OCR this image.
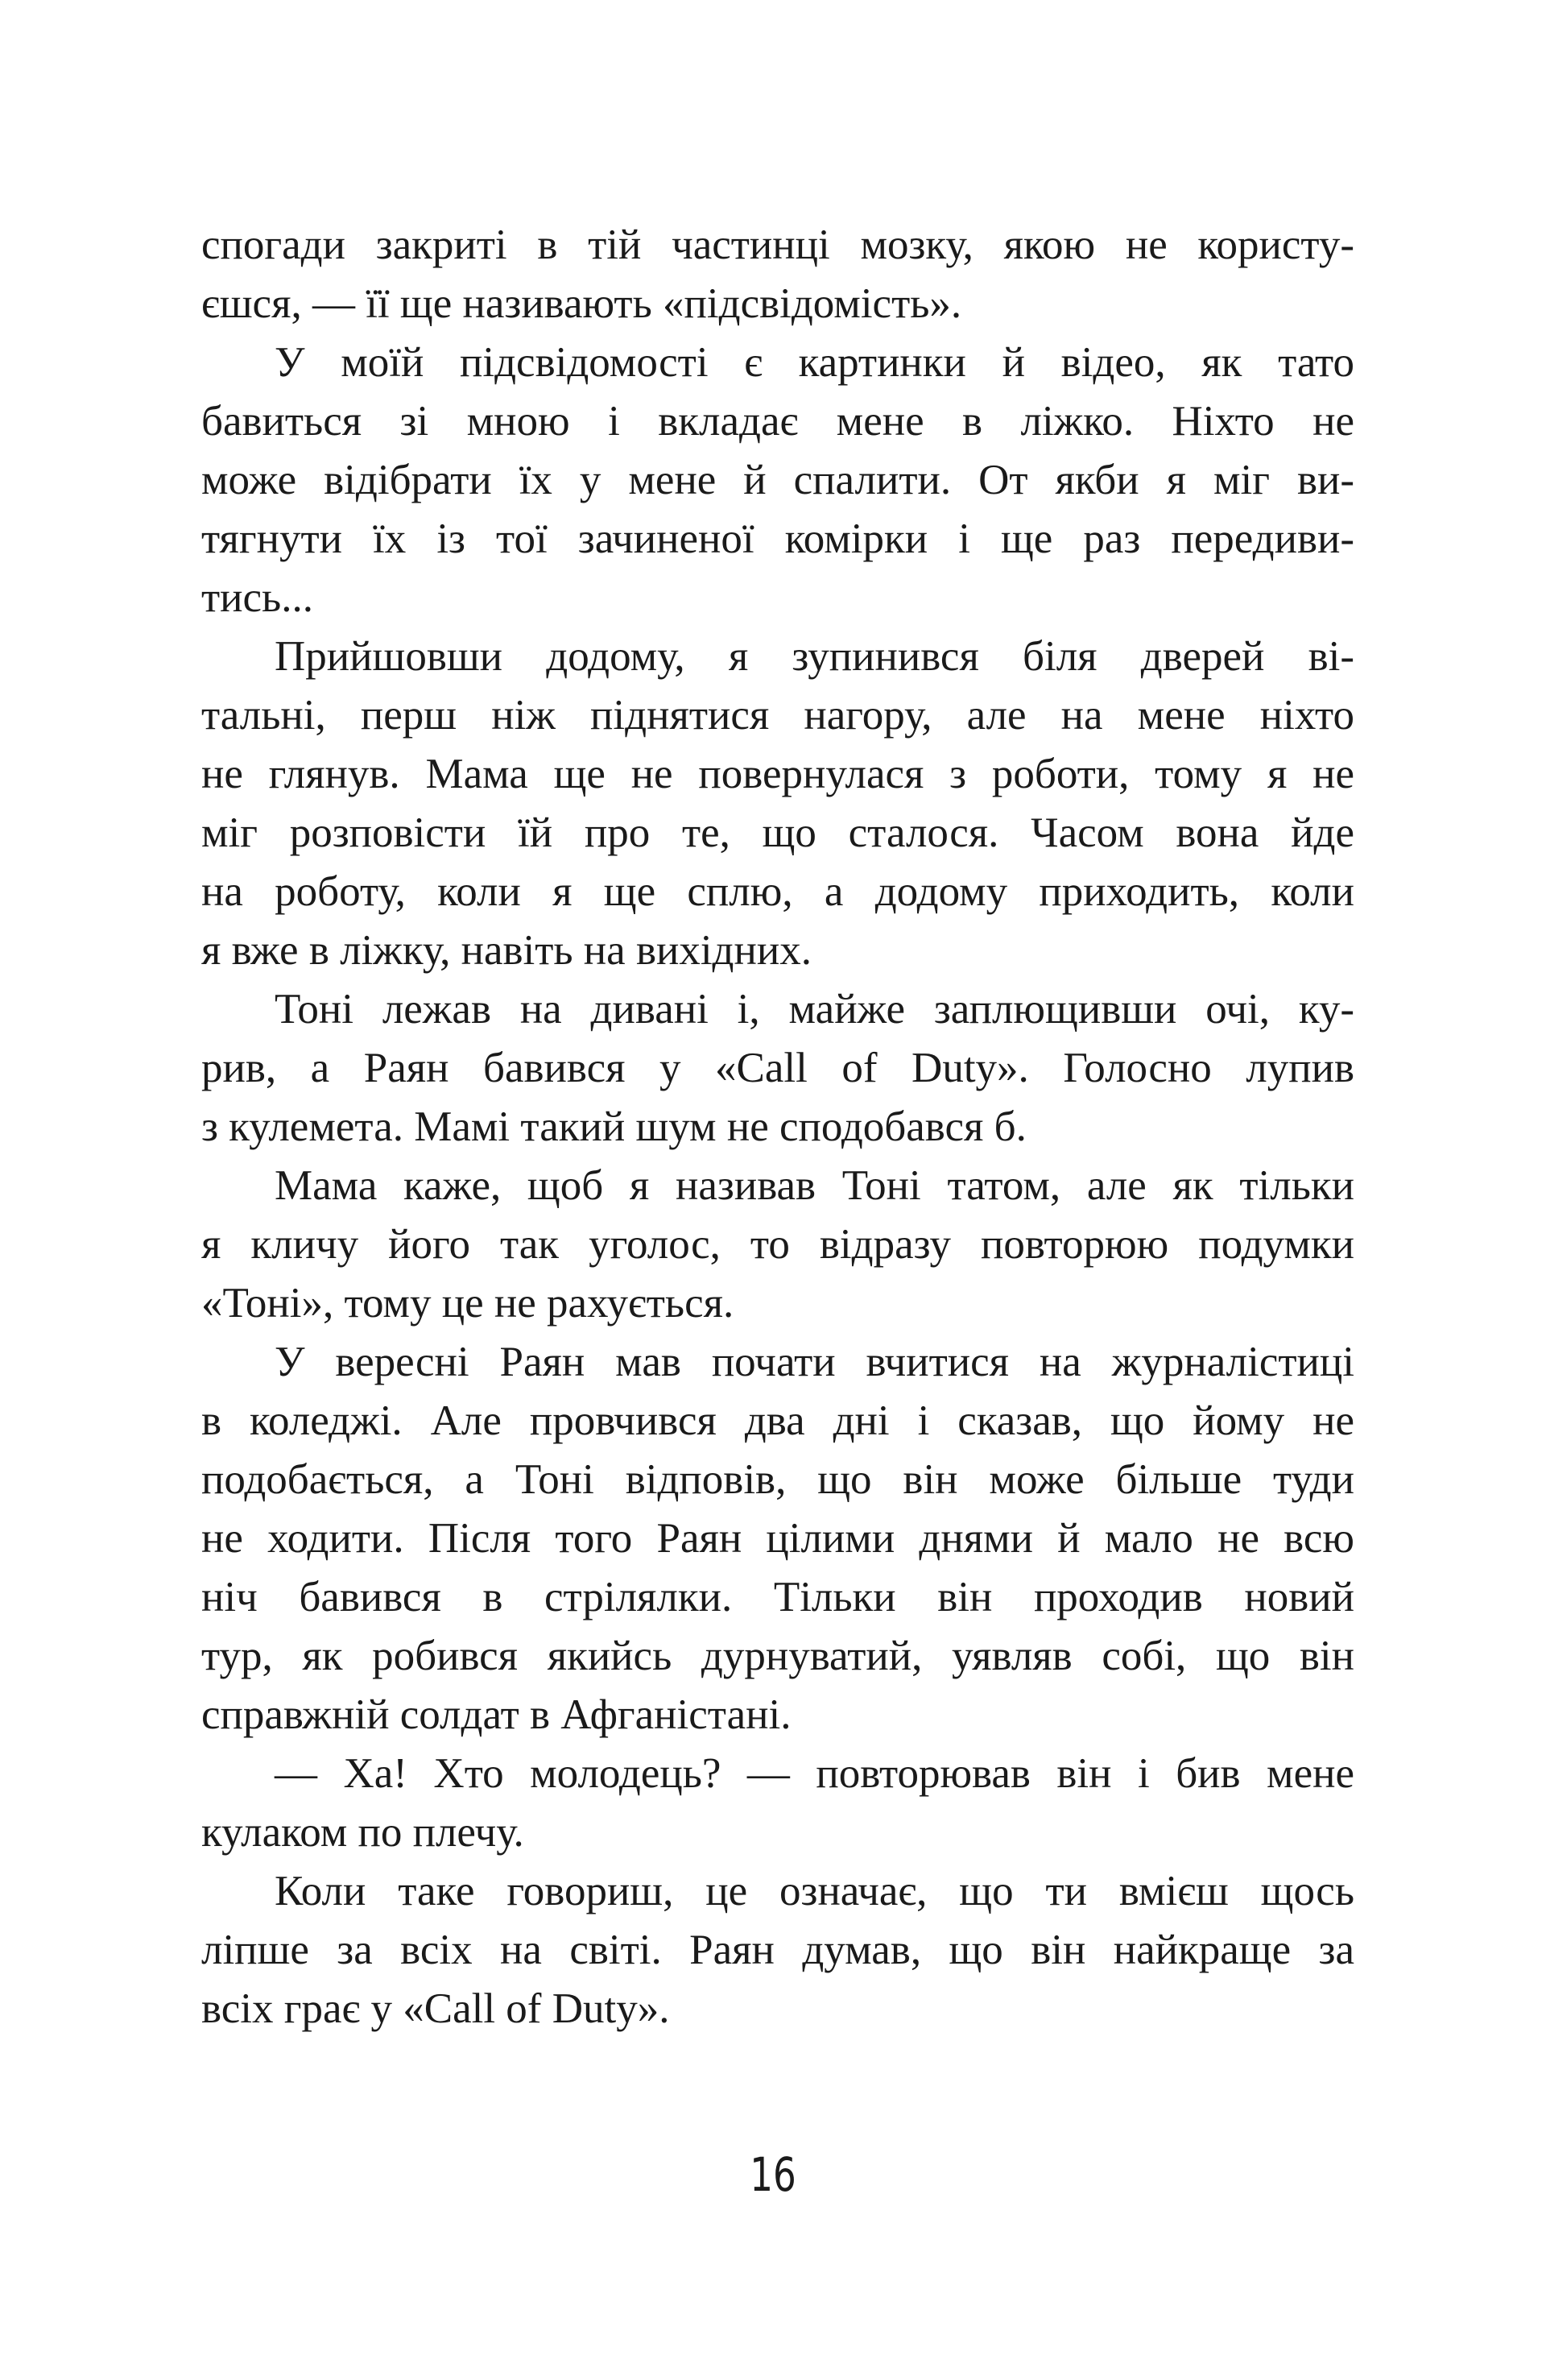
спогади закриті в тій частинці мозку, якою не користу-
єшся, — її ще називають «підсвідомість».
У моїй підсвідомості є картинки й відео, як тато
бавиться зі мною і вкладає мене в ліжко. Ніхто не
може відібрати їх у мене й спалити. От якби я міг ви-
тягнути їх із тої зачиненої комірки і ще раз передиви-
тись...
Прийшовши додому, я зупинився біля дверей ві-
тальні, перш ніж піднятися нагору, але на мене ніхто
не глянув. Мама ще не повернулася з роботи, тому я не
міг розповісти їй про те, що сталося. Часом вона йде
на роботу, коли я ще сплю, а додому приходить, коли
я вже в ліжку, навіть на вихідних.
Тоні лежав на дивані і, майже заплющивши очі, ку-
рив, а Раян бавився у «Call of Duty». Голосно лупив
з кулемета. Мамі такий шум не сподобався б.
Мама каже, щоб я називав Тоні татом, але як тільки
я кличу його так уголос, то відразу повторюю подумки
«Тоні», тому це не рахується.
У вересні Раян мав почати вчитися на журналістиці
в коледжі. Але провчився два дні і сказав, що йому не
подобається, а Тоні відповів, що він може більше туди
не ходити. Після того Раян цілими днями й мало не всю
ніч бавився в стрілялки. Тільки він проходив новий
тур, як робився якийсь дурнуватий, уявляв собі, що він
справжній солдат в Афганістані.
— Ха! Хто молодець? — повторював він і бив мене
кулаком по плечу.
Коли таке говориш, це означає, що ти вмієш щось
ліпше за всіх на світі. Раян думав, що він найкраще за
всіх грає у «Call of Duty».
16
